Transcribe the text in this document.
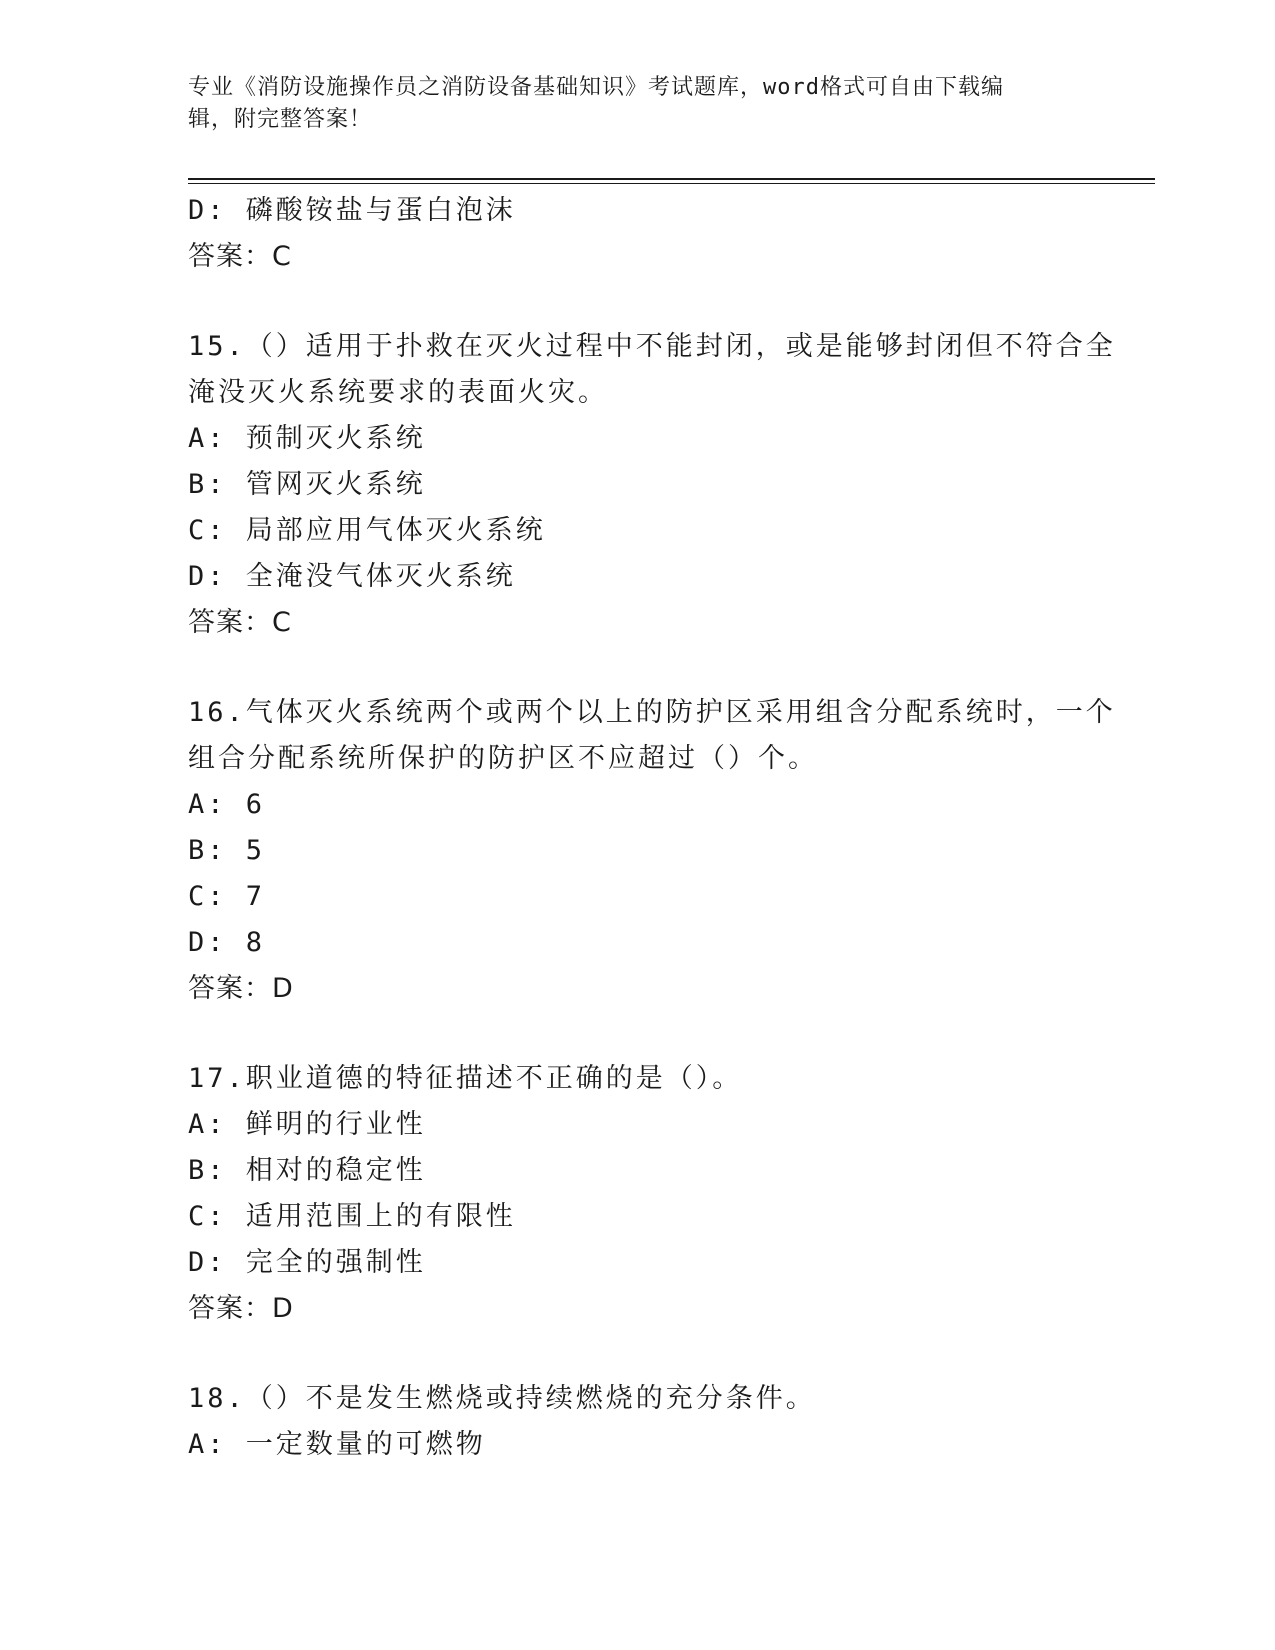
专业《消防设施操作员之消防设备基础知识》考试题库，word格式可自由下载编
辑，附完整答案！
D: 磷酸铵盐与蛋白泡沫
答案：C
15.（）适用于扑救在灭火过程中不能封闭，或是能够封闭但不符合全
淹没灭火系统要求的表面火灾。
A: 预制灭火系统
B: 管网灭火系统
C: 局部应用气体灭火系统
D: 全淹没气体灭火系统
答案：C
16.气体灭火系统两个或两个以上的防护区采用组含分配系统时，一个
组合分配系统所保护的防护区不应超过（）个。
A: 6
B: 5
C: 7
D: 8
答案：D
17.职业道德的特征描述不正确的是（）。
A: 鲜明的行业性
B: 相对的稳定性
C: 适用范围上的有限性
D: 完全的强制性
答案：D
18.（）不是发生燃烧或持续燃烧的充分条件。
A: 一定数量的可燃物
